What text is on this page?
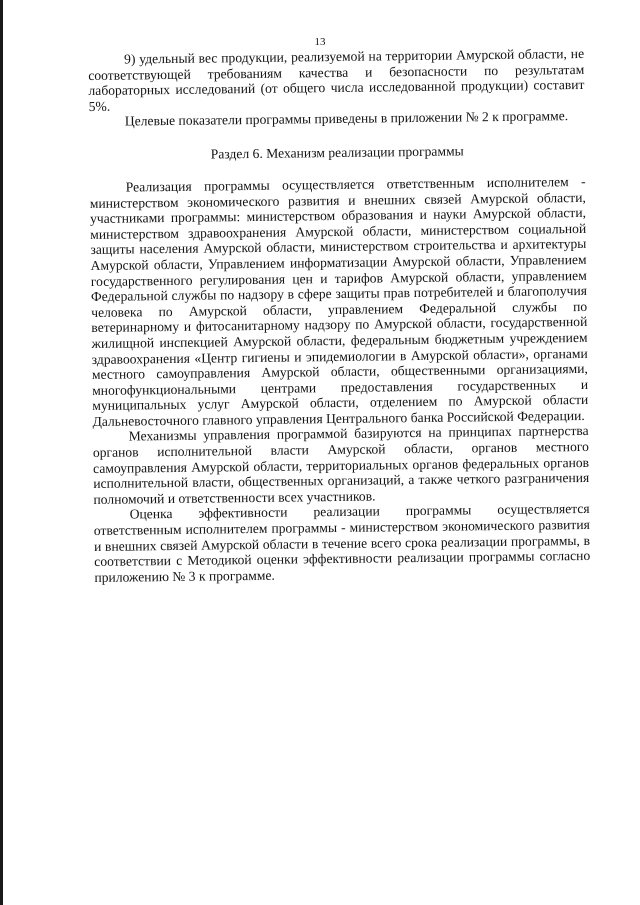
13

9) удельный вес продукции, реализуемой на территории Амурской области, не соответствующей требованиям качества и безопасности по результатам лабораторных исследований (от общего числа исследованной продукции) составит 5%.

Целевые показатели программы приведены в приложении № 2 к программе.

Раздел 6. Механизм реализации программы

Реализация программы осуществляется ответственным исполнителем - министерством экономического развития и внешних связей Амурской области, участниками программы: министерством образования и науки Амурской области, министерством здравоохранения Амурской области, министерством социальной защиты населения Амурской области, министерством строительства и архитектуры Амурской области, Управлением информатизации Амурской области, Управлением государственного регулирования цен и тарифов Амурской области, управлением Федеральной службы по надзору в сфере защиты прав потребителей и благополучия человека по Амурской области, управлением Федеральной службы по ветеринарному и фитосанитарному надзору по Амурской области, государственной жилищной инспекцией Амурской области, федеральным бюджетным учреждением здравоохранения «Центр гигиены и эпидемиологии в Амурской области», органами местного самоуправления Амурской области, общественными организациями, многофункциональными центрами предоставления государственных и муниципальных услуг Амурской области, отделением по Амурской области Дальневосточного главного управления Центрального банка Российской Федерации.

Механизмы управления программой базируются на принципах партнерства органов исполнительной власти Амурской области, органов местного самоуправления Амурской области, территориальных органов федеральных органов исполнительной власти, общественных организаций, а также четкого разграничения полномочий и ответственности всех участников.

Оценка эффективности реализации программы осуществляется ответственным исполнителем программы - министерством экономического развития и внешних связей Амурской области в течение всего срока реализации программы, в соответствии с Методикой оценки эффективности реализации программы согласно приложению № 3 к программе.
